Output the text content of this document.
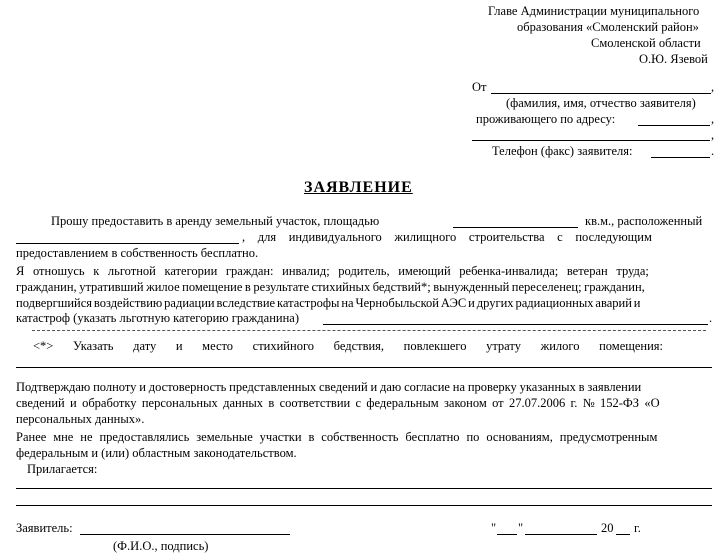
Главе Администрации муниципального
образования «Смоленский район»
Смоленской области
О.Ю. Язевой
От	,
(фамилия, имя, отчество заявителя)
проживающего по адресу:	,
,
Телефон (факс) заявителя:	.
ЗАЯВЛЕНИЕ
Прошу предоставить в аренду земельный участок, площадью	кв.м., расположенный
, для индивидуального жилищного строительства с последующим
предоставлением в собственность бесплатно.
Я отношусь к льготной категории граждан: инвалид; родитель, имеющий ребенка-инвалида; ветеран труда;
гражданин, утративший жилое помещение в результате стихийных бедствий*; вынужденный переселенец; гражданин,
подвергшийся воздействию радиации вследствие катастрофы на Чернобыльской АЭС и других радиационных аварий и
катастроф (указать льготную категорию гражданина)	.
<*> Указать дату и место стихийного бедствия, повлекшего утрату жилого помещения:
Подтверждаю полноту и достоверность представленных сведений и даю согласие на проверку указанных в заявлении
сведений и обработку персональных данных в соответствии с федеральным законом от 27.07.2006 г. № 152-ФЗ «О
персональных данных».
Ранее мне не предоставлялись земельные участки в собственность бесплатно по основаниям, предусмотренным
федеральным и (или) областным законодательством.
Прилагается:
Заявитель:
(Ф.И.О., подпись)
" "	20 г.
